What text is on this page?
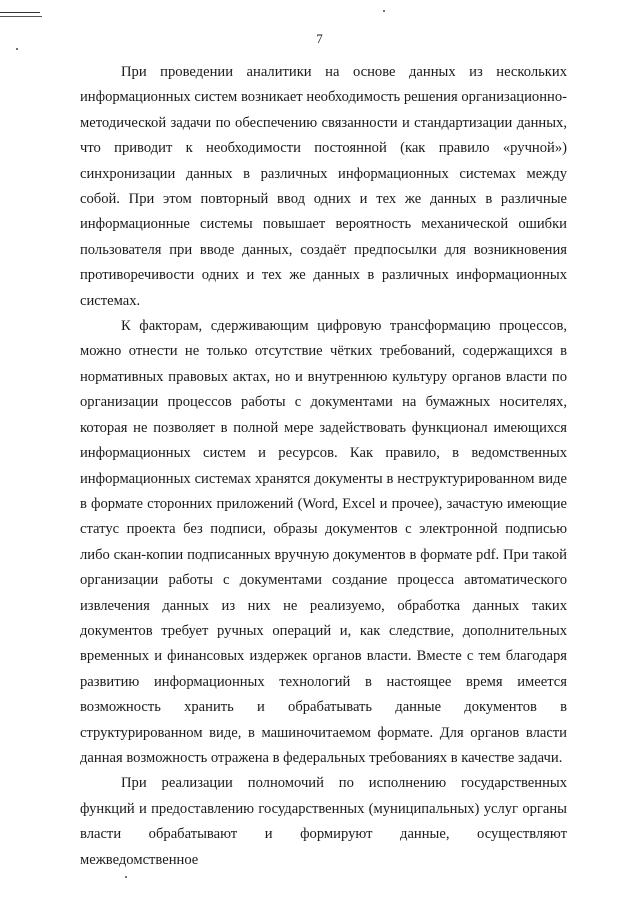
7

При проведении аналитики на основе данных из нескольких информационных систем возникает необходимость решения организационно-методической задачи по обеспечению связанности и стандартизации данных, что приводит к необходимости постоянной (как правило «ручной») синхронизации данных в различных информационных системах между собой. При этом повторный ввод одних и тех же данных в различные информационные системы повышает вероятность механической ошибки пользователя при вводе данных, создаёт предпосылки для возникновения противоречивости одних и тех же данных в различных информационных системах.

К факторам, сдерживающим цифровую трансформацию процессов, можно отнести не только отсутствие чётких требований, содержащихся в нормативных правовых актах, но и внутреннюю культуру органов власти по организации процессов работы с документами на бумажных носителях, которая не позволяет в полной мере задействовать функционал имеющихся информационных систем и ресурсов. Как правило, в ведомственных информационных системах хранятся документы в неструктурированном виде в формате сторонних приложений (Word, Excel и прочее), зачастую имеющие статус проекта без подписи, образы документов с электронной подписью либо скан-копии подписанных вручную документов в формате pdf. При такой организации работы с документами создание процесса автоматического извлечения данных из них не реализуемо, обработка данных таких документов требует ручных операций и, как следствие, дополнительных временных и финансовых издержек органов власти. Вместе с тем благодаря развитию информационных технологий в настоящее время имеется возможность хранить и обрабатывать данные документов в структурированном виде, в машиночитаемом формате. Для органов власти данная возможность отражена в федеральных требованиях в качестве задачи.

При реализации полномочий по исполнению государственных функций и предоставлению государственных (муниципальных) услуг органы власти обрабатывают и формируют данные, осуществляют межведомственное
